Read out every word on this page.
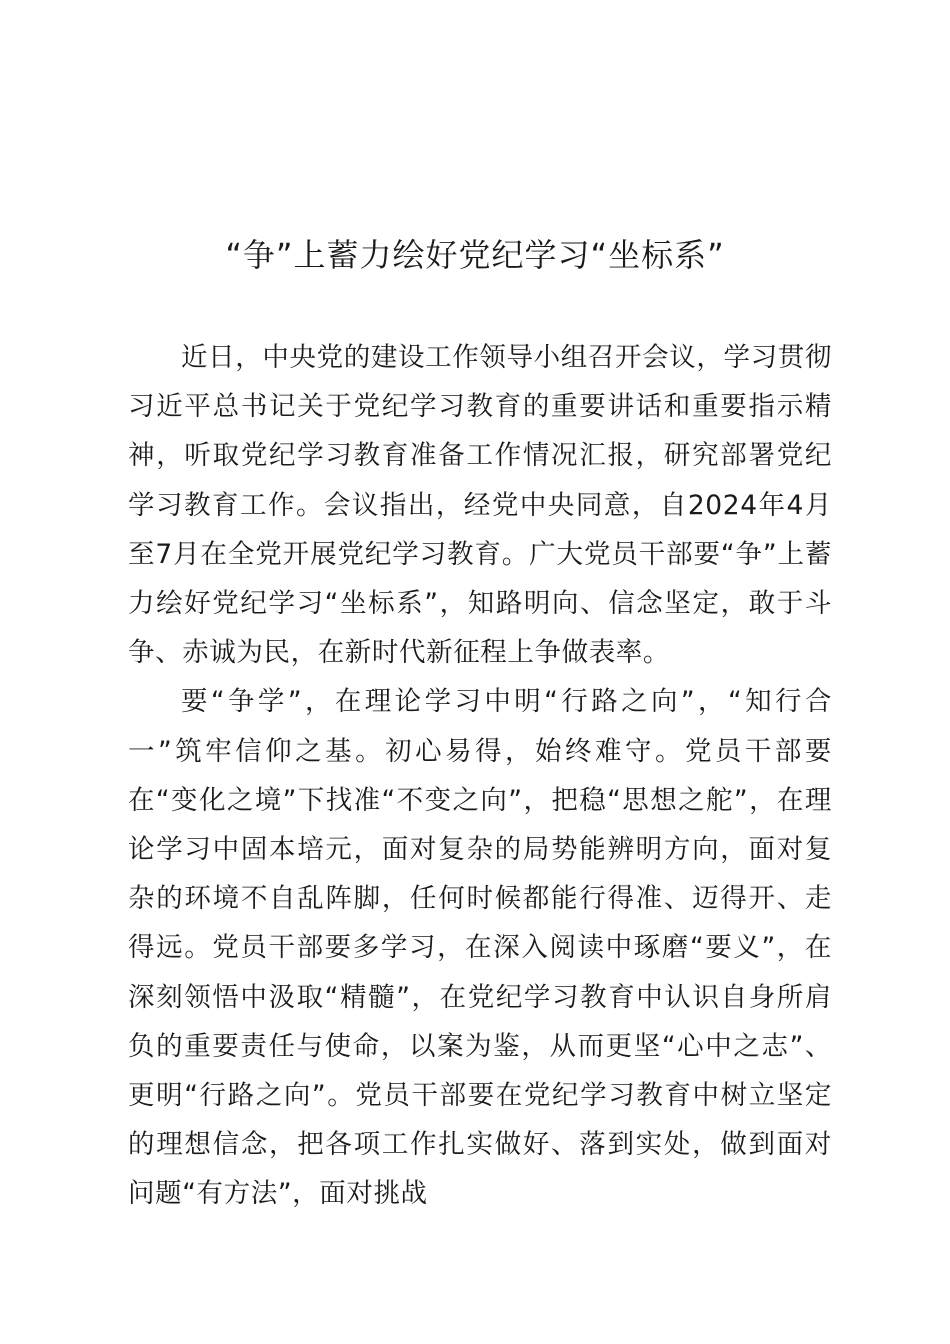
“争”上蓄力绘好党纪学习“坐标系”

近日，中央党的建设工作领导小组召开会议，学习贯彻习近平总书记关于党纪学习教育的重要讲话和重要指示精神，听取党纪学习教育准备工作情况汇报，研究部署党纪学习教育工作。会议指出，经党中央同意，自2024年4月至7月在全党开展党纪学习教育。广大党员干部要“争”上蓄力绘好党纪学习“坐标系”，知路明向、信念坚定，敢于斗争、赤诚为民，在新时代新征程上争做表率。

要“争学”，在理论学习中明“行路之向”，“知行合一”筑牢信仰之基。初心易得，始终难守。党员干部要在“变化之境”下找准“不变之向”，把稳“思想之舵”，在理论学习中固本培元，面对复杂的局势能辨明方向，面对复杂的环境不自乱阵脚，任何时候都能行得准、迈得开、走得远。党员干部要多学习，在深入阅读中琢磨“要义”，在深刻领悟中汲取“精髓”，在党纪学习教育中认识自身所肩负的重要责任与使命，以案为鉴，从而更坚“心中之志”、更明“行路之向”。党员干部要在党纪学习教育中树立坚定的理想信念，把各项工作扎实做好、落到实处，做到面对问题“有方法”，面对挑战
